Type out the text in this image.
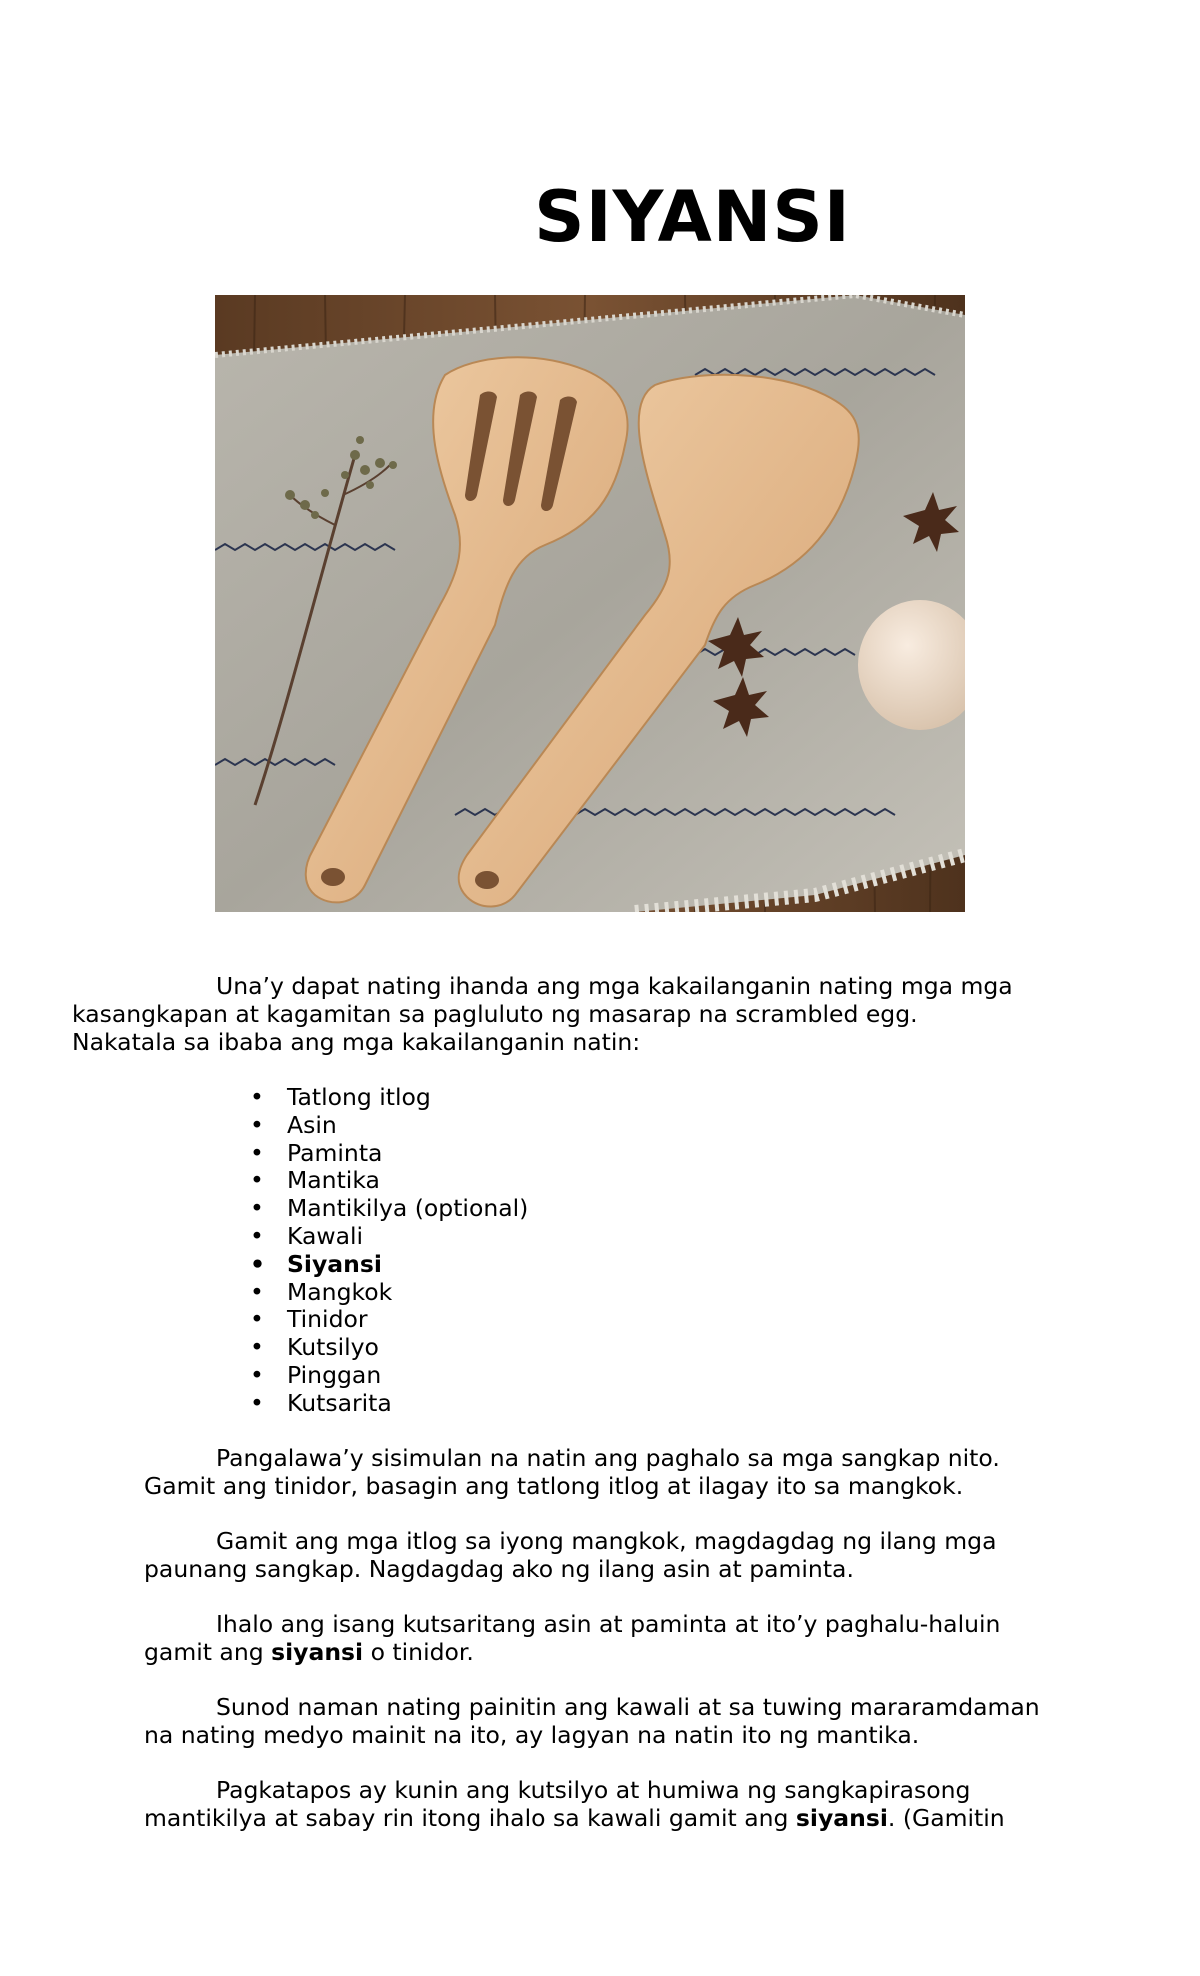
SIYANSI

Una’y dapat nating ihanda ang mga kakailanganin nating mga mga
kasangkapan at kagamitan sa pagluluto ng masarap na scrambled egg.
Nakatala sa ibaba ang mga kakailanganin natin:

• Tatlong itlog
• Asin
• Paminta
• Mantika
• Mantikilya (optional)
• Kawali
• Siyansi
• Mangkok
• Tinidor
• Kutsilyo
• Pinggan
• Kutsarita
Pangalawa’y sisimulan na natin ang paghalo sa mga sangkap nito.
Gamit ang tinidor, basagin ang tatlong itlog at ilagay ito sa mangkok.
Gamit ang mga itlog sa iyong mangkok, magdagdag ng ilang mga
paunang sangkap. Nagdagdag ako ng ilang asin at paminta.
Ihalo ang isang kutsaritang asin at paminta at ito’y paghalu-haluin
gamit ang siyansi o tinidor.
Sunod naman nating painitin ang kawali at sa tuwing mararamdaman
na nating medyo mainit na ito, ay lagyan na natin ito ng mantika.
Pagkatapos ay kunin ang kutsilyo at humiwa ng sangkapirasong
mantikilya at sabay rin itong ihalo sa kawali gamit ang siyansi. (Gamitin
